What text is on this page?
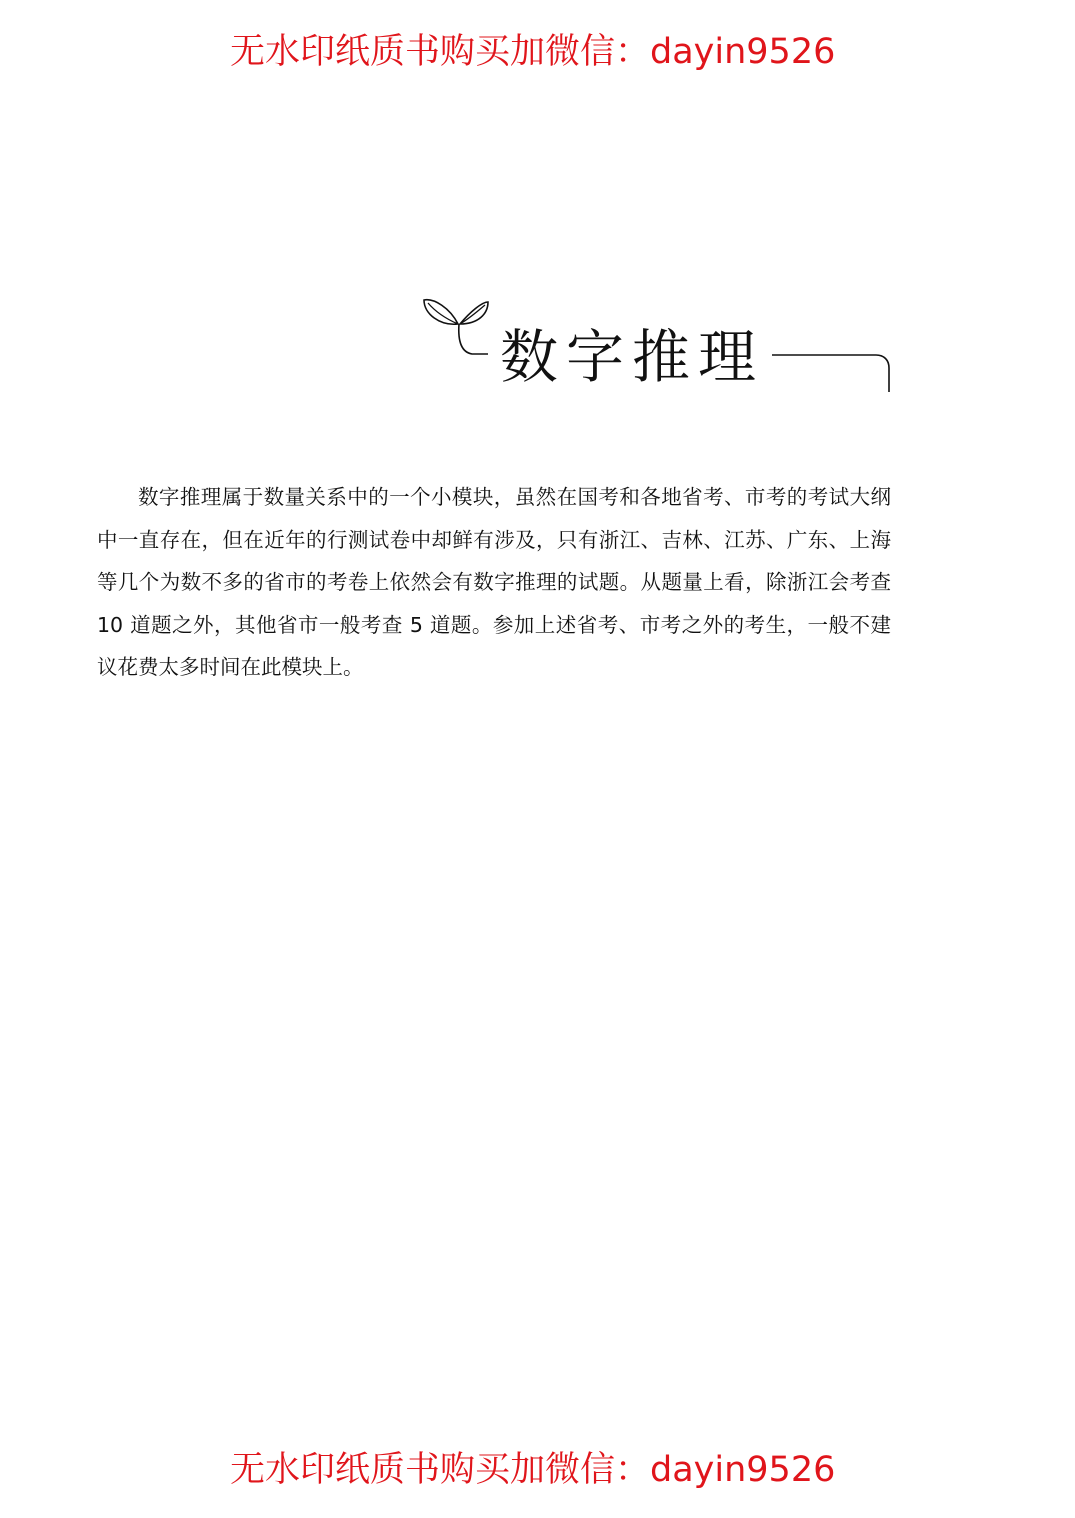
无水印纸质书购买加微信：dayin9526
数字推理

数字推理属于数量关系中的一个小模块，虽然在国考和各地省考、市考的考试大纲中一直存在，但在近年的行测试卷中却鲜有涉及，只有浙江、吉林、江苏、广东、上海等几个为数不多的省市的考卷上依然会有数字推理的试题。从题量上看，除浙江会考查 10 道题之外，其他省市一般考查 5 道题。参加上述省考、市考之外的考生，一般不建议花费太多时间在此模块上。

无水印纸质书购买加微信：dayin9526
